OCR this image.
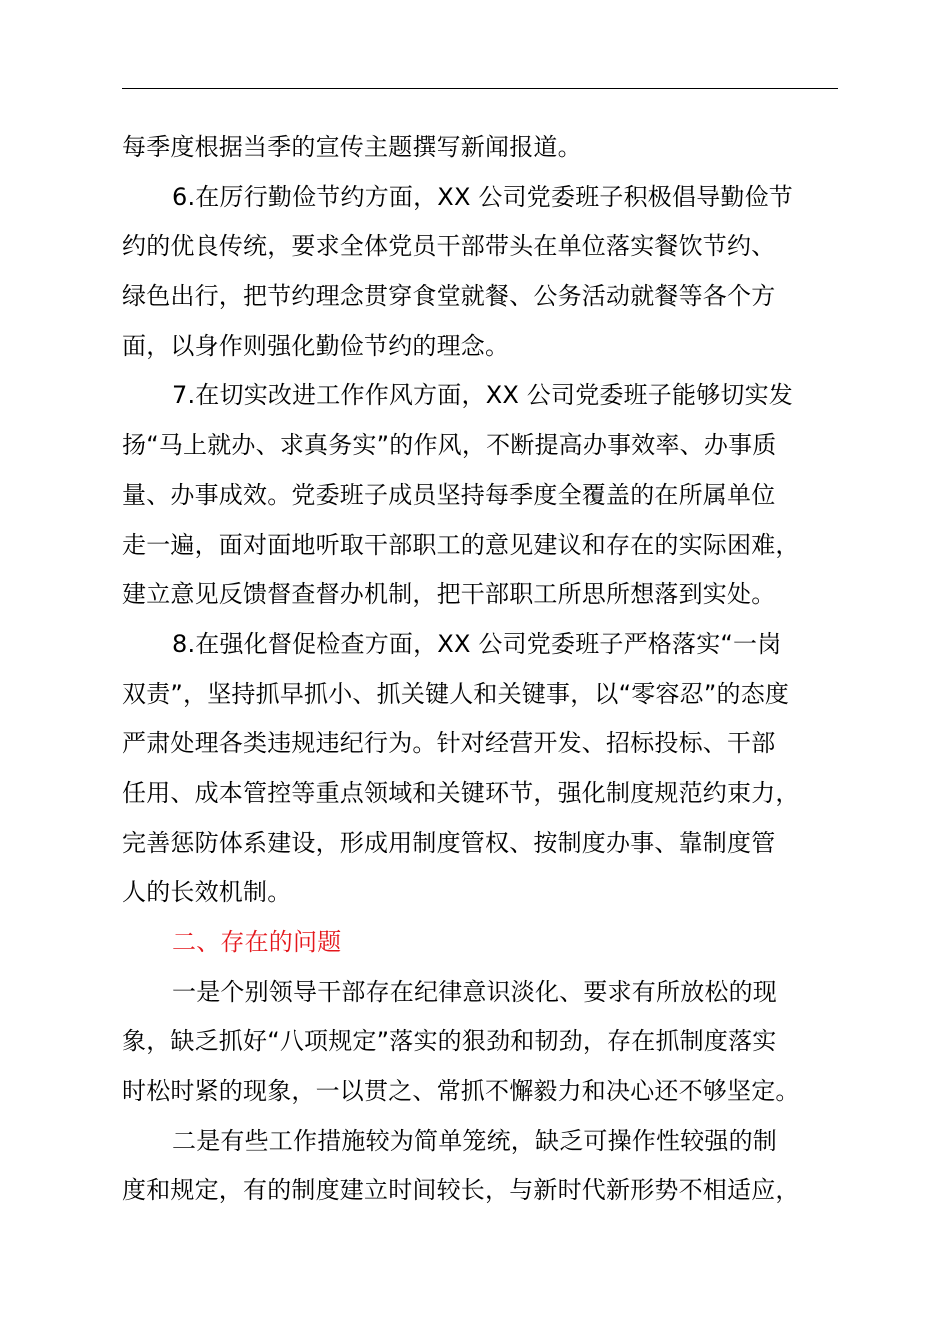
每季度根据当季的宣传主题撰写新闻报道。
6.在厉行勤俭节约方面，XX 公司党委班子积极倡导勤俭节
约的优良传统，要求全体党员干部带头在单位落实餐饮节约、
绿色出行，把节约理念贯穿食堂就餐、公务活动就餐等各个方
面，以身作则强化勤俭节约的理念。
7.在切实改进工作作风方面，XX 公司党委班子能够切实发
扬“马上就办、求真务实”的作风，不断提高办事效率、办事质
量、办事成效。党委班子成员坚持每季度全覆盖的在所属单位
走一遍，面对面地听取干部职工的意见建议和存在的实际困难，
建立意见反馈督查督办机制，把干部职工所思所想落到实处。
8.在强化督促检查方面，XX 公司党委班子严格落实“一岗
双责”，坚持抓早抓小、抓关键人和关键事，以“零容忍”的态度
严肃处理各类违规违纪行为。针对经营开发、招标投标、干部
任用、成本管控等重点领域和关键环节，强化制度规范约束力，
完善惩防体系建设，形成用制度管权、按制度办事、靠制度管
人的长效机制。
二、存在的问题
一是个别领导干部存在纪律意识淡化、要求有所放松的现
象，缺乏抓好“八项规定”落实的狠劲和韧劲，存在抓制度落实
时松时紧的现象，一以贯之、常抓不懈毅力和决心还不够坚定。
二是有些工作措施较为简单笼统，缺乏可操作性较强的制
度和规定，有的制度建立时间较长，与新时代新形势不相适应，
